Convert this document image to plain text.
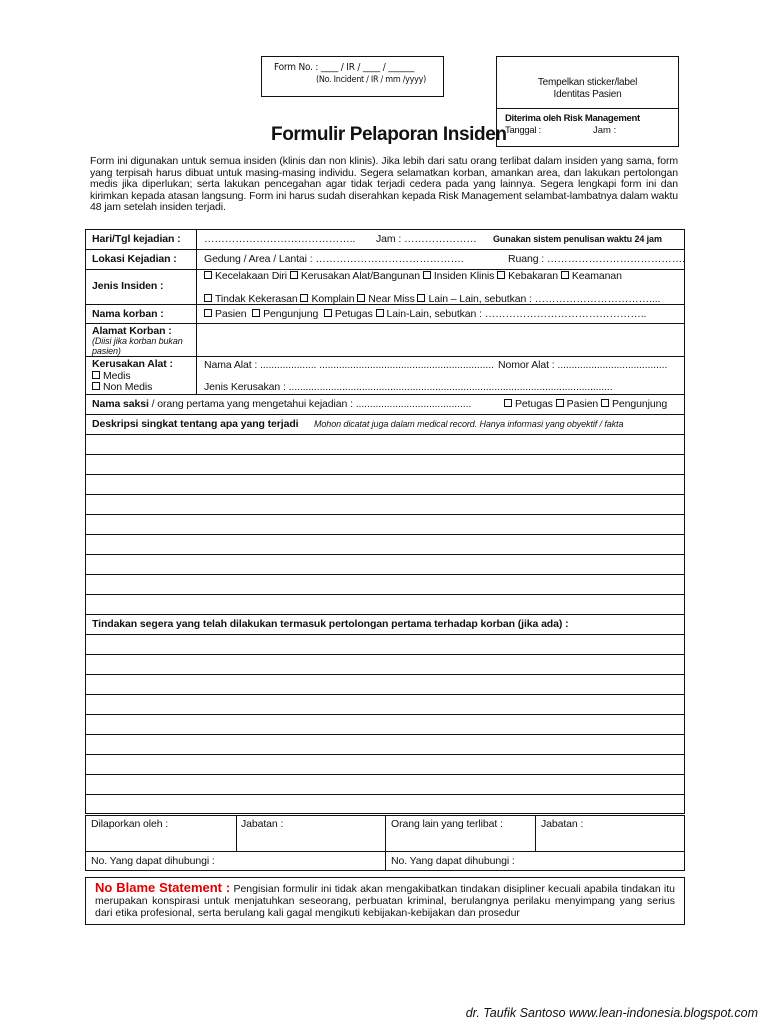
Form No. : ____ / IR / ____ / ______
(No. Incident / IR / mm /yyyy)	Tempelkan sticker/label
Identitas Pasien
Diterima oleh Risk Management
Tanggal :	Jam :
Formulir Pelaporan Insiden
Form ini digunakan untuk semua insiden (klinis dan non klinis). Jika lebih dari satu orang terlibat dalam insiden yang sama, form yang terpisah harus dibuat untuk masing-masing individu. Segera selamatkan korban, amankan area, dan lakukan pertolongan medis jika diperlukan; serta lakukan pencegahan agar tidak terjadi cedera pada yang lainnya. Segera lengkapi form ini dan kirimkan kepada atasan langsung. Form ini harus sudah diserahkan kepada Risk Management selambat-lambatnya dalam waktu 48 jam setelah insiden terjadi.
Hari/Tgl kejadian : …………………………………….. Jam : ………………… Gunakan sistem penulisan waktu 24 jam
Lokasi Kejadian :	Gedung / Area / Lantai : …………………………………….	Ruang : ………………………………….
Jenis Insiden :
Kecelakaan Diri Kerusakan Alat/Bangunan Insiden Klinis Kebakaran Keamanan
Tindak Kekerasan Komplain Near Miss Lain – Lain, sebutkan : ……………………………....
Nama korban :	Pasien Pengunjung Petugas Lain-Lain, sebutkan : ………………………………………..
Alamat Korban :
(Diisi jika korban bukan
pasien)
Kerusakan Alat :
Medis
Non Medis
Nama Alat : .................... .............................................................. Nomor Alat : .......................................
Jenis Kerusakan : ...................................................................................................................
Nama saksi / orang pertama yang mengetahui kejadian : .........................................	Petugas Pasien Pengunjung
Deskripsi singkat tentang apa yang terjadi Mohon dicatat juga dalam medical record. Hanya informasi yang obyektif / fakta
Tindakan segera yang telah dilakukan termasuk pertolongan pertama terhadap korban (jika ada) :
Dilaporkan oleh :	Jabatan :	Orang lain yang terlibat :	Jabatan :
No. Yang dapat dihubungi :	No. Yang dapat dihubungi :
No Blame Statement : Pengisian formulir ini tidak akan mengakibatkan tindakan disipliner kecuali apabila tindakan itu merupakan konspirasi untuk menjatuhkan seseorang, perbuatan kriminal, berulangnya perilaku menyimpang yang serius dari etika profesional, serta berulang kali gagal mengikuti kebijakan-kebijakan dan prosedur
dr. Taufik Santoso www.lean-indonesia.blogspot.com
